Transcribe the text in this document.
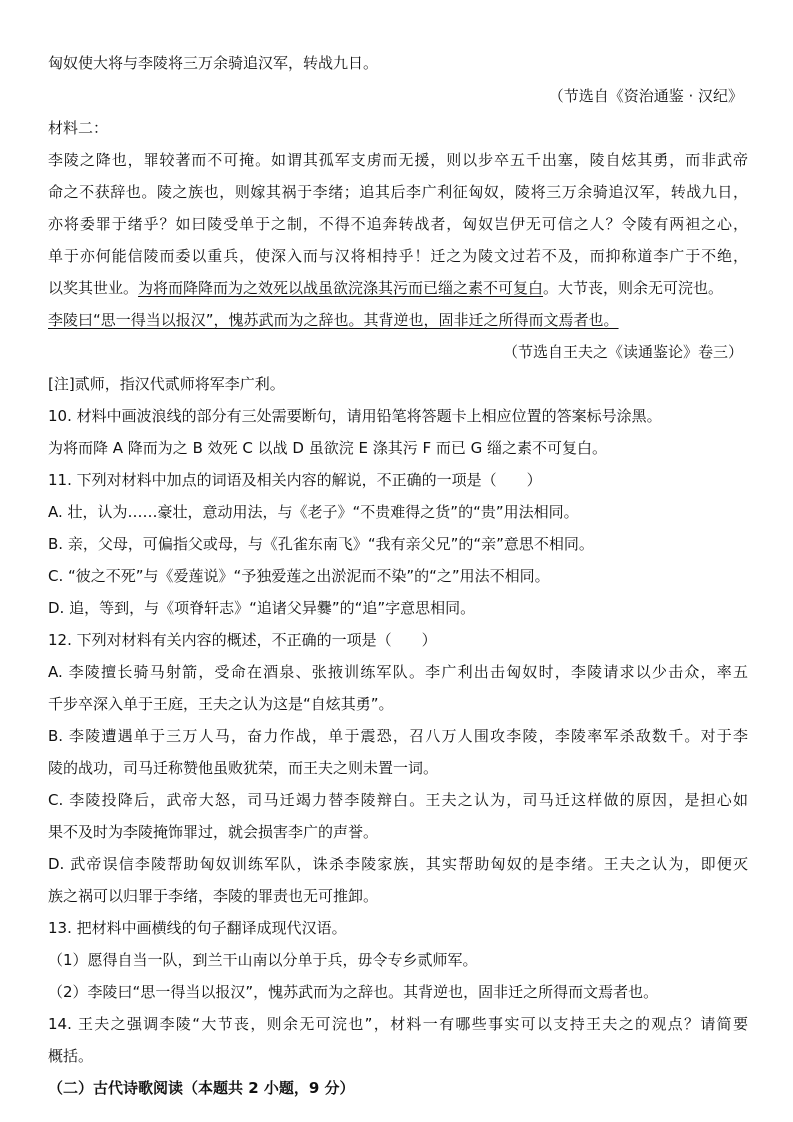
匈奴使大将与李陵将三万余骑追汉军，转战九日。
（节选自《资治通鉴 · 汉纪》
材料二：
李陵之降也，罪较著而不可掩。如谓其孤军支虏而无援，则以步卒五千出塞，陵自炫其勇，而非武帝
命之不获辞也。陵之族也，则嫁其祸于李绪；追其后李广利征匈奴，陵将三万余骑追汉军，转战九日，
亦将委罪于绪乎？如曰陵受单于之制，不得不追奔转战者，匈奴岂伊无可信之人？令陵有两袒之心，
单于亦何能信陵而委以重兵，使深入而与汉将相持乎！迁之为陵文过若不及，而抑称道李广于不绝，
以奖其世业。为将而降降而为之效死以战虽欲浣涤其污而已缁之素不可复白。大节丧，则余无可浣也。
李陵曰“思一得当以报汉”，愧苏武而为之辞也。其背逆也，固非迁之所得而文焉者也。
（节选自王夫之《读通鉴论》卷三）
[注]贰师，指汉代贰师将军李广利。
10. 材料中画波浪线的部分有三处需要断句，请用铅笔将答题卡上相应位置的答案标号涂黑。
为将而降 A 降而为之 B 效死 C 以战 D 虽欲浣 E 涤其污 F 而已 G 缁之素不可复白。
11. 下列对材料中加点的词语及相关内容的解说，不正确的一项是（　　）
A. 壮，认为……豪壮，意动用法，与《老子》“不贵难得之货”的“贵”用法相同。
B. 亲，父母，可偏指父或母，与《孔雀东南飞》“我有亲父兄”的“亲”意思不相同。
C. “彼之不死”与《爱莲说》“予独爱莲之出淤泥而不染”的“之”用法不相同。
D. 追，等到，与《项脊轩志》“追诸父异爨”的“追”字意思相同。
12. 下列对材料有关内容的概述，不正确的一项是（　　）
A. 李陵擅长骑马射箭，受命在酒泉、张掖训练军队。李广利出击匈奴时，李陵请求以少击众，率五
千步卒深入单于王庭，王夫之认为这是“自炫其勇”。
B. 李陵遭遇单于三万人马，奋力作战，单于震恐，召八万人围攻李陵，李陵率军杀敌数千。对于李
陵的战功，司马迁称赞他虽败犹荣，而王夫之则未置一词。
C. 李陵投降后，武帝大怒，司马迁竭力替李陵辩白。王夫之认为，司马迁这样做的原因，是担心如
果不及时为李陵掩饰罪过，就会损害李广的声誉。
D. 武帝误信李陵帮助匈奴训练军队，诛杀李陵家族，其实帮助匈奴的是李绪。王夫之认为，即便灭
族之祸可以归罪于李绪，李陵的罪责也无可推卸。
13. 把材料中画横线的句子翻译成现代汉语。
（1）愿得自当一队，到兰干山南以分单于兵，毋令专乡贰师军。
（2）李陵曰“思一得当以报汉”，愧苏武而为之辞也。其背逆也，固非迁之所得而文焉者也。
14. 王夫之强调李陵“大节丧，则余无可浣也”，材料一有哪些事实可以支持王夫之的观点？请简要
概括。
（二）古代诗歌阅读（本题共 2 小题，9 分）
